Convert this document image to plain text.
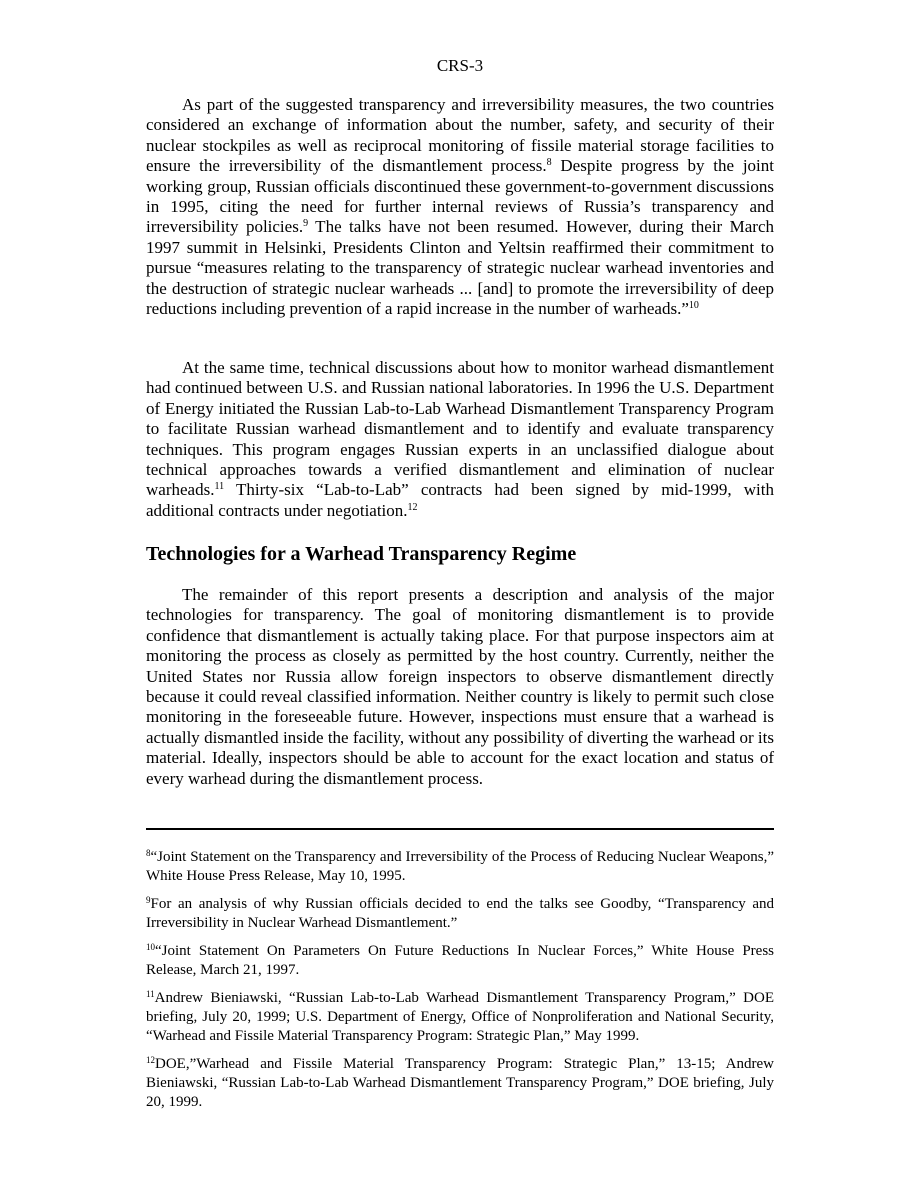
CRS-3

As part of the suggested transparency and irreversibility measures, the two countries considered an exchange of information about the number, safety, and security of their nuclear stockpiles as well as reciprocal monitoring of fissile material storage facilities to ensure the irreversibility of the dismantlement process.$^8$ Despite progress by the joint working group, Russian officials discontinued these government-to-government discussions in 1995, citing the need for further internal reviews of Russia’s transparency and irreversibility policies.$^9$ The talks have not been resumed. However, during their March 1997 summit in Helsinki, Presidents Clinton and Yeltsin reaffirmed their commitment to pursue “measures relating to the transparency of strategic nuclear warhead inventories and the destruction of strategic nuclear warheads ... [and] to promote the irreversibility of deep reductions including prevention of a rapid increase in the number of warheads.”$^{10}$

At the same time, technical discussions about how to monitor warhead dismantlement had continued between U.S. and Russian national laboratories. In 1996 the U.S. Department of Energy initiated the Russian Lab-to-Lab Warhead Dismantlement Transparency Program to facilitate Russian warhead dismantlement and to identify and evaluate transparency techniques. This program engages Russian experts in an unclassified dialogue about technical approaches towards a verified dismantlement and elimination of nuclear warheads.$^{11}$ Thirty-six “Lab-to-Lab” contracts had been signed by mid-1999, with additional contracts under negotiation.$^{12}$

Technologies for a Warhead Transparency Regime

The remainder of this report presents a description and analysis of the major technologies for transparency. The goal of monitoring dismantlement is to provide confidence that dismantlement is actually taking place. For that purpose inspectors aim at monitoring the process as closely as permitted by the host country. Currently, neither the United States nor Russia allow foreign inspectors to observe dismantlement directly because it could reveal classified information. Neither country is likely to permit such close monitoring in the foreseeable future. However, inspections must ensure that a warhead is actually dismantled inside the facility, without any possibility of diverting the warhead or its material. Ideally, inspectors should be able to account for the exact location and status of every warhead during the dismantlement process.

$^8$“Joint Statement on the Transparency and Irreversibility of the Process of Reducing Nuclear Weapons,” White House Press Release, May 10, 1995.

$^9$For an analysis of why Russian officials decided to end the talks see Goodby, “Transparency and Irreversibility in Nuclear Warhead Dismantlement.”

$^{10}$“Joint Statement On Parameters On Future Reductions In Nuclear Forces,” White House Press Release, March 21, 1997.

$^{11}$Andrew Bieniawski, “Russian Lab-to-Lab Warhead Dismantlement Transparency Program,” DOE briefing, July 20, 1999; U.S. Department of Energy, Office of Nonproliferation and National Security, “Warhead and Fissile Material Transparency Program: Strategic Plan,” May 1999.

$^{12}$DOE,”Warhead and Fissile Material Transparency Program: Strategic Plan,” 13-15; Andrew Bieniawski, “Russian Lab-to-Lab Warhead Dismantlement Transparency Program,” DOE briefing, July 20, 1999.
